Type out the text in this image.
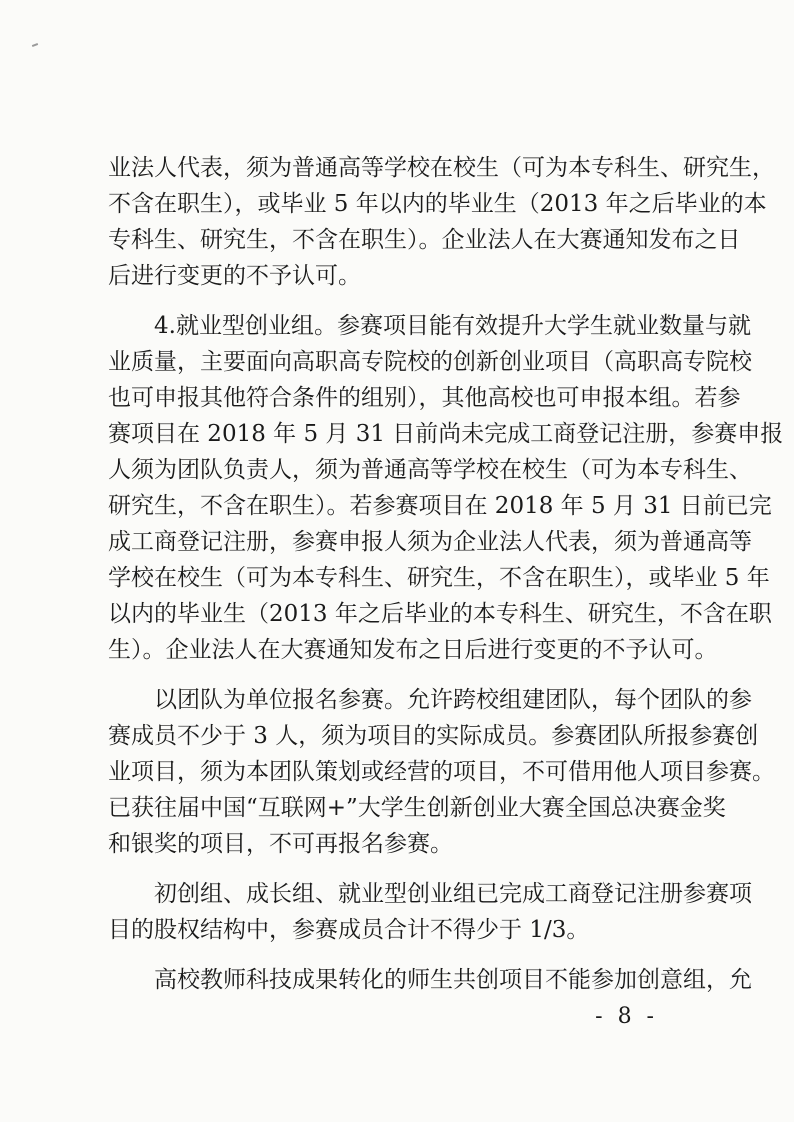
业法人代表，须为普通高等学校在校生（可为本专科生、研究生，
不含在职生），或毕业 5 年以内的毕业生（2013 年之后毕业的本
专科生、研究生，不含在职生）。企业法人在大赛通知发布之日
后进行变更的不予认可。
　　4.就业型创业组。参赛项目能有效提升大学生就业数量与就
业质量，主要面向高职高专院校的创新创业项目（高职高专院校
也可申报其他符合条件的组别），其他高校也可申报本组。若参
赛项目在 2018 年 5 月 31 日前尚未完成工商登记注册，参赛申报
人须为团队负责人，须为普通高等学校在校生（可为本专科生、
研究生，不含在职生）。若参赛项目在 2018 年 5 月 31 日前已完
成工商登记注册，参赛申报人须为企业法人代表，须为普通高等
学校在校生（可为本专科生、研究生，不含在职生），或毕业 5 年
以内的毕业生（2013 年之后毕业的本专科生、研究生，不含在职
生）。企业法人在大赛通知发布之日后进行变更的不予认可。
　　以团队为单位报名参赛。允许跨校组建团队，每个团队的参
赛成员不少于 3 人，须为项目的实际成员。参赛团队所报参赛创
业项目，须为本团队策划或经营的项目，不可借用他人项目参赛。
已获往届中国“互联网+”大学生创新创业大赛全国总决赛金奖
和银奖的项目，不可再报名参赛。
　　初创组、成长组、就业型创业组已完成工商登记注册参赛项
目的股权结构中，参赛成员合计不得少于 1/3。
　　高校教师科技成果转化的师生共创项目不能参加创意组，允
- 8 -
